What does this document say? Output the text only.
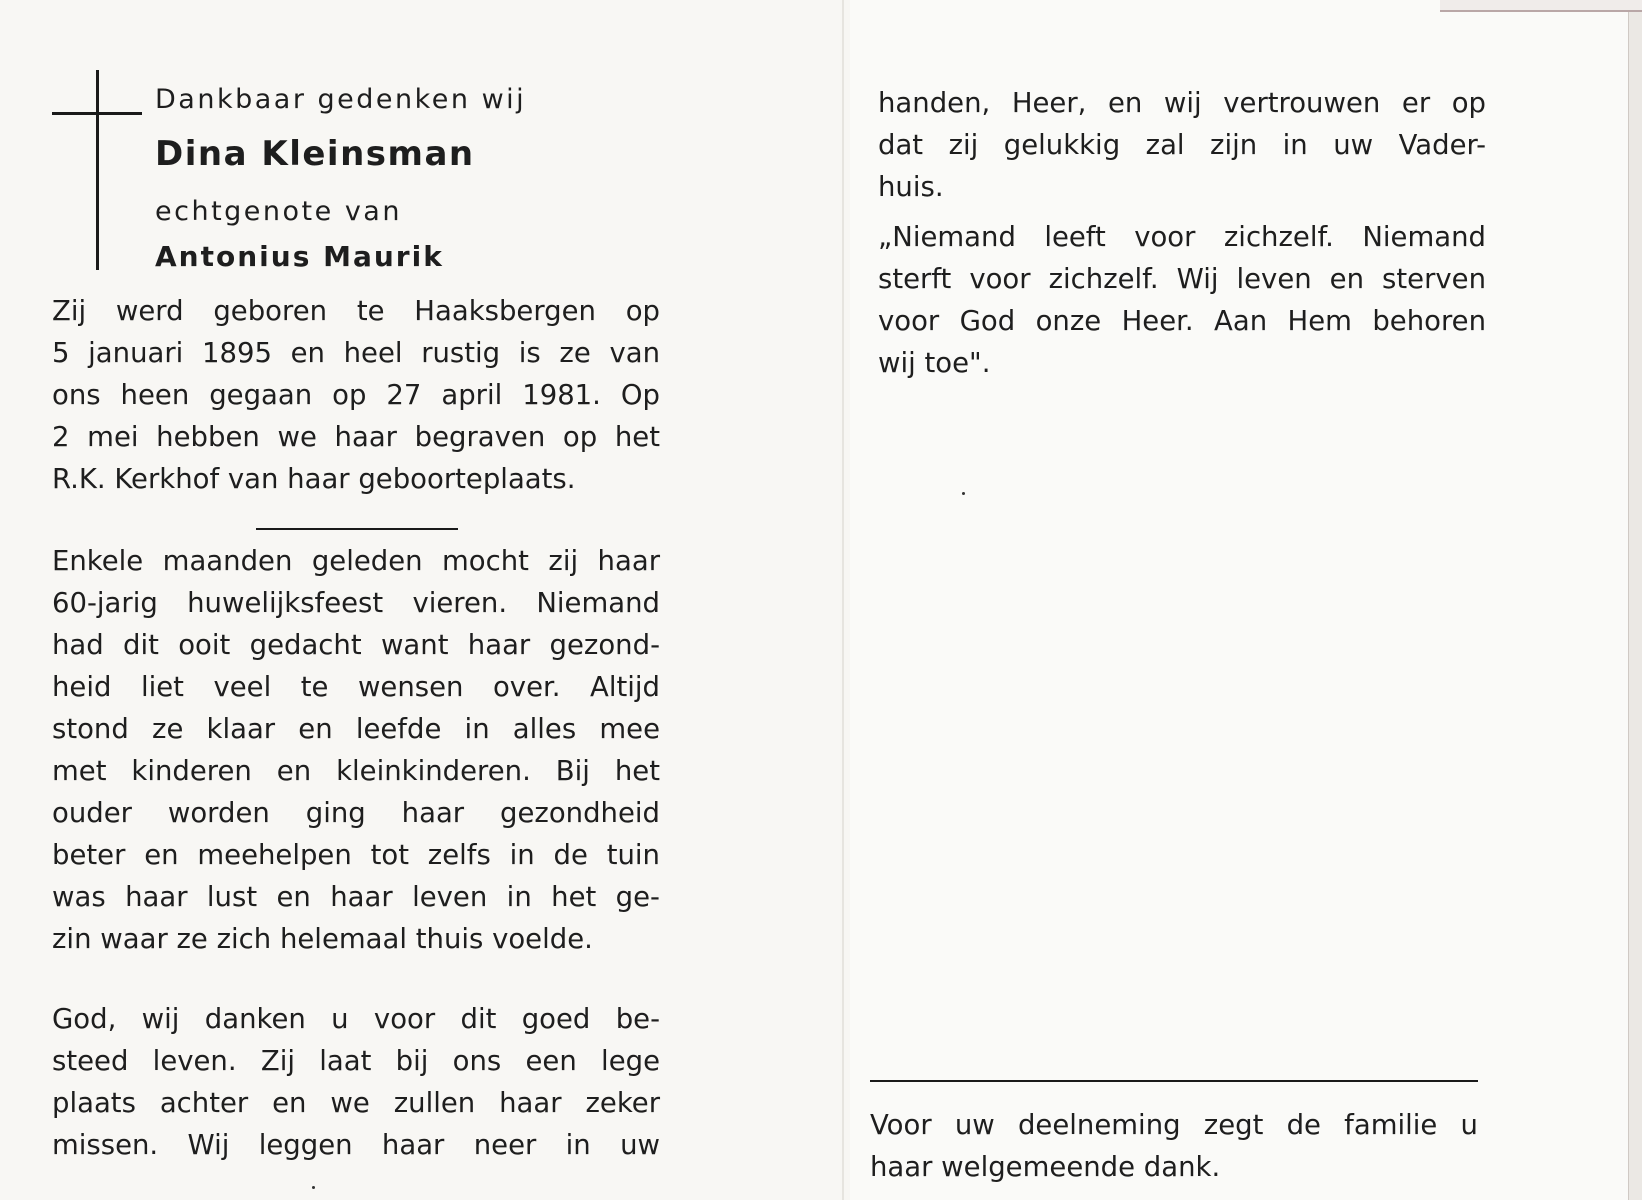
Dankbaar gedenken wij
Dina Kleinsman
echtgenote van
Antonius Maurik
Zij werd geboren te Haaksbergen op
5 januari 1895 en heel rustig is ze van
ons heen gegaan op 27 april 1981. Op
2 mei hebben we haar begraven op het
R.K. Kerkhof van haar geboorteplaats.
Enkele maanden geleden mocht zij haar
60-jarig huwelijksfeest vieren. Niemand
had dit ooit gedacht want haar gezond-
heid liet veel te wensen over. Altijd
stond ze klaar en leefde in alles mee
met kinderen en kleinkinderen. Bij het
ouder worden ging haar gezondheid
beter en meehelpen tot zelfs in de tuin
was haar lust en haar leven in het ge-
zin waar ze zich helemaal thuis voelde.
God, wij danken u voor dit goed be-
steed leven. Zij laat bij ons een lege
plaats achter en we zullen haar zeker
missen. Wij leggen haar neer in uw
handen, Heer, en wij vertrouwen er op
dat zij gelukkig zal zijn in uw Vader-
huis.
„Niemand leeft voor zichzelf. Niemand
sterft voor zichzelf. Wij leven en sterven
voor God onze Heer. Aan Hem behoren
wij toe".
Voor uw deelneming zegt de familie u
haar welgemeende dank.
